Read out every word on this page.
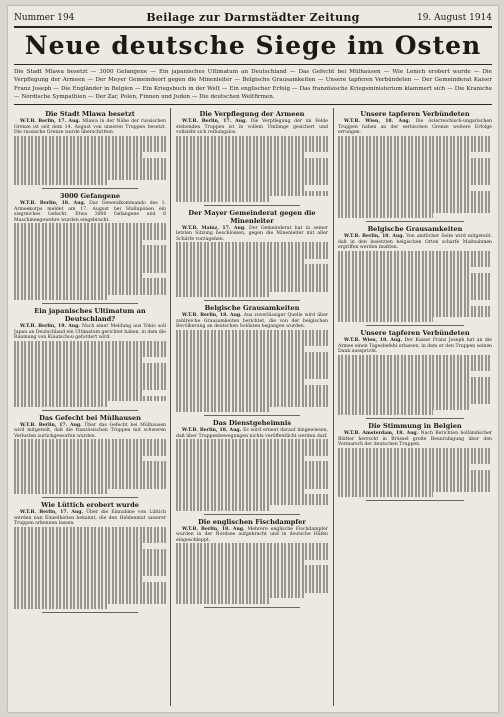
Nummer 194	Beilage zur Darmstädter Zeitung	19. August 1914
Neue deutsche Siege im Osten
Die Stadt Mlawa besetzt — 3000 Gefangene — Ein japanisches Ultimatum an Deutschland — Das Gefecht bei Mülhausen — Wie Lenich erobert wurde — Die Verpflegung der Armeen — Der Meyer Gemeindeort gegen die Minenleiter — Belgische Grausamkeiten — Unsere tapferen Verbündeten — Der Gemeinderat Kaiser Franz Joseph — Die Engländer in Belgien — Ein Kriegsbuch in der Welt — Ein englischer Erfolg — Das französische Kriegsministerium klammert sich — Die Kraniche — Nordische Sympathien — Der Zar, Polen, Finnen und Juden — Die deutschen Weltfirmen.
Die Stadt Mlawa besetzt

W.T.B. Berlin, 17. Aug. Mlawa in der Nähe der russischen Grenze ist seit dem 14. August von unseren Truppen besetzt. Die russische Grenze wurde überschritten.

3000 Gefangene

W.T.B. Berlin, 18. Aug. Das Generalkommando des 1. Armeekorps meldet am 17. August bei Stallupönen ein siegreiches Gefecht. Etwa 3000 Gefangene und 6 Maschinengewehre wurden eingebracht.

Ein japanisches Ultimatum an Deutschland?

W.T.B. Berlin, 19. Aug. Nach einer Meldung aus Tokio soll Japan an Deutschland ein Ultimatum gerichtet haben, in dem die Räumung von Kiautschou gefordert wird.

Das Gefecht bei Mülhausen

W.T.B. Berlin, 17. Aug. Über das Gefecht bei Mülhausen wird mitgeteilt, daß die französischen Truppen mit schweren Verlusten zurückgeworfen wurden.

Wie Lüttich erobert wurde

W.T.B. Berlin, 17. Aug. Über die Einnahme von Lüttich werden nun Einzelheiten bekannt, die den Heldenmut unserer Truppen erkennen lassen.

Die Verpflegung der Armeen

W.T.B. Berlin, 17. Aug. Die Verpflegung der im Felde stehenden Truppen ist in vollem Umfange gesichert und vollzieht sich reibungslos.

Der Mayer Gemeinderat gegen die Minenleiter

W.T.B. Mainz, 17. Aug. Der Gemeinderat hat in seiner letzten Sitzung beschlossen, gegen die Minenleiter mit aller Schärfe vorzugehen.

Belgische Grausamkeiten

W.T.B. Berlin, 18. Aug. Aus zuverlässiger Quelle wird über zahlreiche Grausamkeiten berichtet, die von der belgischen Bevölkerung an deutschen Soldaten begangen wurden.

Das Dienstgeheimnis

W.T.B. Berlin, 18. Aug. Es wird erneut darauf hingewiesen, daß über Truppenbewegungen nichts veröffentlicht werden darf.

Die englischen Fischdampfer

W.T.B. Berlin, 18. Aug. Mehrere englische Fischdampfer wurden in der Nordsee aufgebracht und in deutsche Häfen eingeschleppt.

Unsere tapferen Verbündeten

W.T.B. Wien, 18. Aug. Die österreichisch-ungarischen Truppen haben an der serbischen Grenze weitere Erfolge errungen.

Belgische Grausamkeiten

W.T.B. Berlin, 18. Aug. Von amtlicher Seite wird mitgeteilt, daß in den besetzten belgischen Orten scharfe Maßnahmen ergriffen werden mußten.

Unsere tapferen Verbündeten

W.T.B. Wien, 18. Aug. Der Kaiser Franz Joseph hat an die Armee einen Tagesbefehl erlassen, in dem er den Truppen seinen Dank ausspricht.

Die Stimmung in Belgien

W.T.B. Amsterdam, 18. Aug. Nach Berichten holländischer Blätter herrscht in Brüssel große Beunruhigung über den Vormarsch der deutschen Truppen.
